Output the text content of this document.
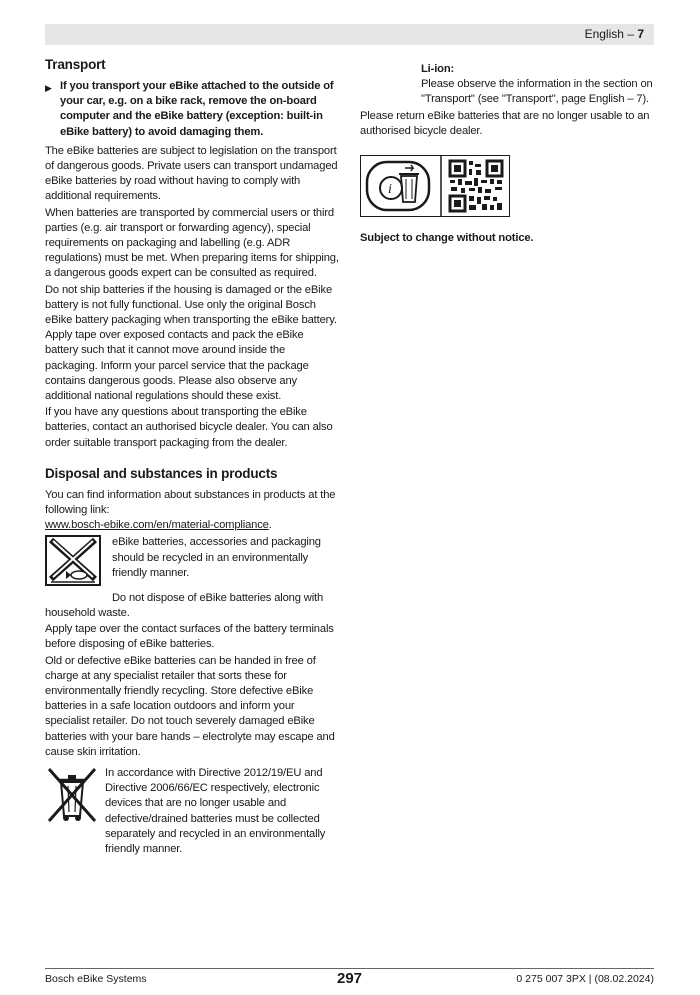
English – 7
Transport
▶ If you transport your eBike attached to the outside of your car, e.g. on a bike rack, remove the on-board computer and the eBike battery (exception: built-in eBike battery) to avoid damaging them.

The eBike batteries are subject to legislation on the transport of dangerous goods. Private users can transport undamaged eBike batteries by road without having to comply with additional requirements.

When batteries are transported by commercial users or third parties (e.g. air transport or forwarding agency), special requirements on packaging and labelling (e.g. ADR regulations) must be met. When preparing items for shipping, a dangerous goods expert can be consulted as required.

Do not ship batteries if the housing is damaged or the eBike battery is not fully functional. Use only the original Bosch eBike battery packaging when transporting the eBike battery. Apply tape over exposed contacts and pack the eBike battery such that it cannot move around inside the packaging. Inform your parcel service that the package contains dangerous goods. Please also observe any additional national regulations should these exist.

If you have any questions about transporting the eBike batteries, contact an authorised bicycle dealer. You can also order suitable transport packaging from the dealer.

Disposal and substances in products

You can find information about substances in products at the following link:
www.bosch-ebike.com/en/material-compliance.

eBike batteries, accessories and packaging should be recycled in an environmentally friendly manner.

Do not dispose of eBike batteries along with household waste.

Apply tape over the contact surfaces of the battery terminals before disposing of eBike batteries.

Old or defective eBike batteries can be handed in free of charge at any specialist retailer that sorts these for environmentally friendly recycling. Store defective eBike batteries in a safe location outdoors and inform your specialist retailer. Do not touch severely damaged eBike batteries with your bare hands – electrolyte may escape and cause skin irritation.

In accordance with Directive 2012/19/EU and Directive 2006/66/EC respectively, electronic devices that are no longer usable and defective/drained batteries must be collected separately and recycled in an environmentally friendly manner.
Li-ion:
Please observe the information in the section on "Transport" (see "Transport", page English – 7).

Please return eBike batteries that are no longer usable to an authorised bicycle dealer.

i
Subject to change without notice.
Bosch eBike Systems	297	0 275 007 3PX | (08.02.2024)
